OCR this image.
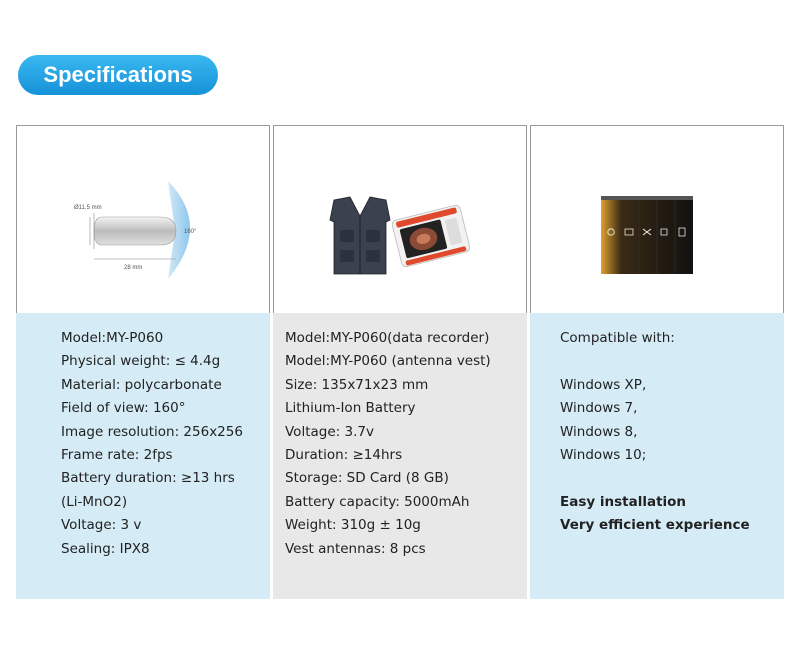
Specifications
Ø11.5 mm
28 mm
160°
Model:MY-P060
Physical weight: ≤ 4.4g
Material: polycarbonate
Field of view: 160°
Image resolution: 256x256
Frame rate: 2fps
Battery duration: ≥13 hrs
(Li-MnO2)
Voltage: 3 v
Sealing: IPX8
Model:MY-P060(data recorder)
Model:MY-P060 (antenna vest)
Size: 135x71x23 mm
Lithium-Ion Battery
Voltage: 3.7v
Duration: ≥14hrs
Storage: SD Card (8 GB)
Battery capacity: 5000mAh
Weight: 310g ± 10g
Vest antennas: 8 pcs
Compatible with:
Windows XP,
Windows 7,
Windows 8,
Windows 10;
Easy installation
Very efficient experience
